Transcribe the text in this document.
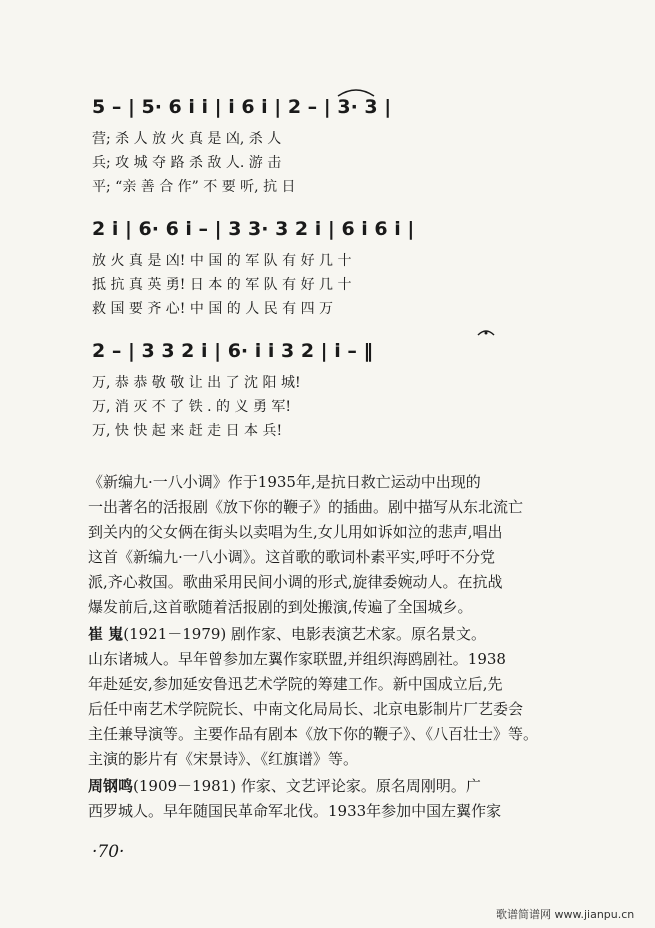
5 – | 5· 6 i i | i 6 i | 2 – | 3· 3 |
营; 杀 人 放 火 真 是 凶, 杀 人
兵; 攻 城 夺 路 杀 敌 人. 游 击
平; “亲 善 合 作” 不 要 听, 抗 日
2 i | 6· 6 i – | 3 3· 3 2 i | 6 i 6 i |
放 火 真 是 凶! 中 国 的 军 队 有 好 几 十
抵 抗 真 英 勇! 日 本 的 军 队 有 好 几 十
救 国 要 齐 心! 中 国 的 人 民 有 四 万
2 – | 3 3 2 i | 6· i i 3 2 | i – ‖
万, 恭 恭 敬 敬 让 出 了 沈 阳 城!
万, 消 灭 不 了 铁 . 的 义 勇 军!
万, 快 快 起 来 赶 走 日 本 兵!

《新编九·一八小调》作于1935年,是抗日救亡运动中出现的

一出著名的活报剧《放下你的鞭子》的插曲。剧中描写从东北流亡

到关内的父女俩在街头以卖唱为生,女儿用如诉如泣的悲声,唱出

这首《新编九·一八小调》。这首歌的歌词朴素平实,呼吁不分党

派,齐心救国。歌曲采用民间小调的形式,旋律委婉动人。在抗战

爆发前后,这首歌随着活报剧的到处搬演,传遍了全国城乡。

崔 嵬(1921－1979) 剧作家、电影表演艺术家。原名景文。

山东诸城人。早年曾参加左翼作家联盟,并组织海鸥剧社。1938

年赴延安,参加延安鲁迅艺术学院的筹建工作。新中国成立后,先

后任中南艺术学院院长、中南文化局局长、北京电影制片厂艺委会

主任兼导演等。主要作品有剧本《放下你的鞭子》、《八百壮士》等。

主演的影片有《宋景诗》、《红旗谱》等。

周钢鸣(1909－1981) 作家、文艺评论家。原名周刚明。广

西罗城人。早年随国民革命军北伐。1933年参加中国左翼作家

·70·
歌谱简谱网 www.jianpu.cn
